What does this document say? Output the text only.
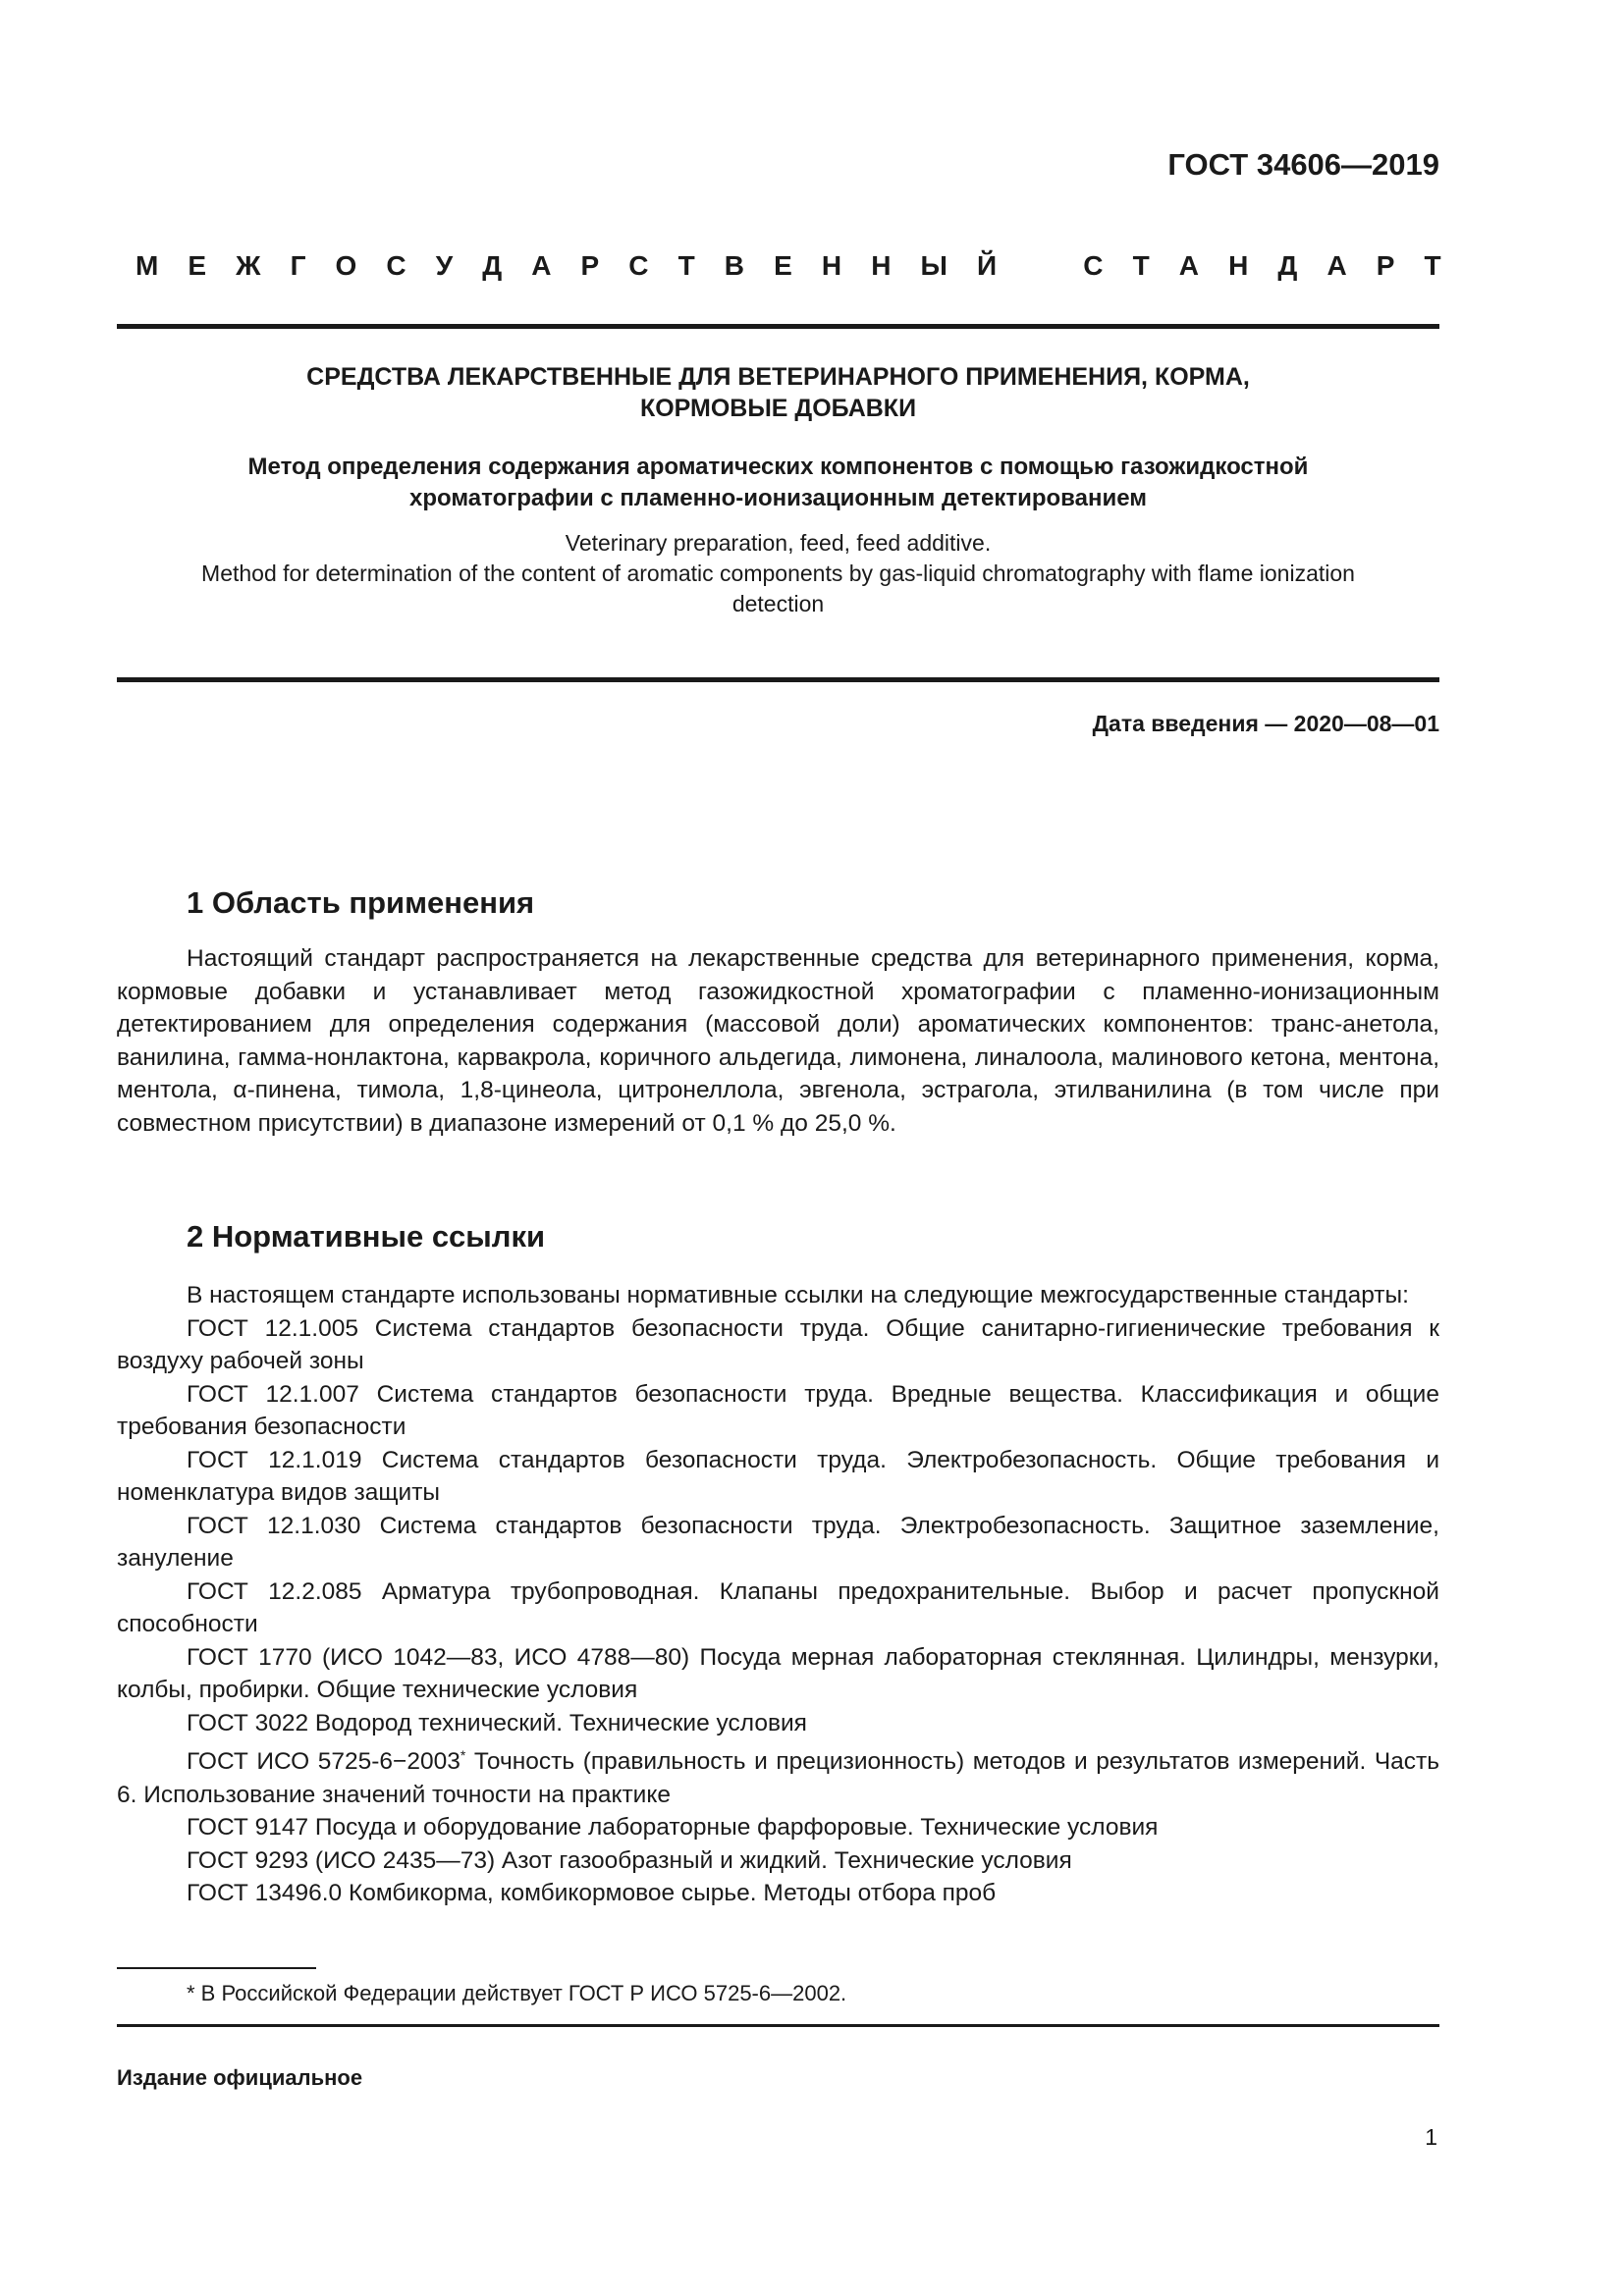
ГОСТ 34606—2019
М Е Ж Г О С У Д А Р С Т В Е Н Н Ы Й	С Т А Н Д А Р Т
СРЕДСТВА ЛЕКАРСТВЕННЫЕ ДЛЯ ВЕТЕРИНАРНОГО ПРИМЕНЕНИЯ, КОРМА,
КОРМОВЫЕ ДОБАВКИ
Метод определения содержания ароматических компонентов с помощью газожидкостной
хроматографии с пламенно-ионизационным детектированием
Veterinary preparation, feed, feed additive.
Method for determination of the content of aromatic components by gas-liquid chromatography with flame ionization
detection
Дата введения — 2020—08—01
1 Область применения

Настоящий стандарт распространяется на лекарственные средства для ветеринарного применения, корма, кормовые добавки и устанавливает метод газожидкостной хроматографии с пламенно-ионизационным детектированием для определения содержания (массовой доли) ароматических компонентов: транс-анетола, ванилина, гамма-нонлактона, карвакрола, коричного альдегида, лимонена, линалоола, малинового кетона, ментона, ментола, α-пинена, тимола, 1,8-цинеола, цитронеллола, эвгенола, эстрагола, этилванилина (в том числе при совместном присутствии) в диапазоне измерений от 0,1 % до 25,0 %.

2 Нормативные ссылки

В настоящем стандарте использованы нормативные ссылки на следующие межгосударственные стандарты:

ГОСТ 12.1.005 Система стандартов безопасности труда. Общие санитарно-гигиенические требования к воздуху рабочей зоны

ГОСТ 12.1.007 Система стандартов безопасности труда. Вредные вещества. Классификация и общие требования безопасности

ГОСТ 12.1.019 Система стандартов безопасности труда. Электробезопасность. Общие требования и номенклатура видов защиты

ГОСТ 12.1.030 Система стандартов безопасности труда. Электробезопасность. Защитное заземление, зануление

ГОСТ 12.2.085 Арматура трубопроводная. Клапаны предохранительные. Выбор и расчет пропускной способности

ГОСТ 1770 (ИСО 1042—83, ИСО 4788—80) Посуда мерная лабораторная стеклянная. Цилиндры, мензурки, колбы, пробирки. Общие технические условия

ГОСТ 3022 Водород технический. Технические условия

ГОСТ ИСО 5725-6−2003* Точность (правильность и прецизионность) методов и результатов измерений. Часть 6. Использование значений точности на практике

ГОСТ 9147 Посуда и оборудование лабораторные фарфоровые. Технические условия

ГОСТ 9293 (ИСО 2435—73) Азот газообразный и жидкий. Технические условия

ГОСТ 13496.0 Комбикорма, комбикормовое сырье. Методы отбора проб

* В Российской Федерации действует ГОСТ Р ИСО 5725-6—2002.
Издание официальное
1
